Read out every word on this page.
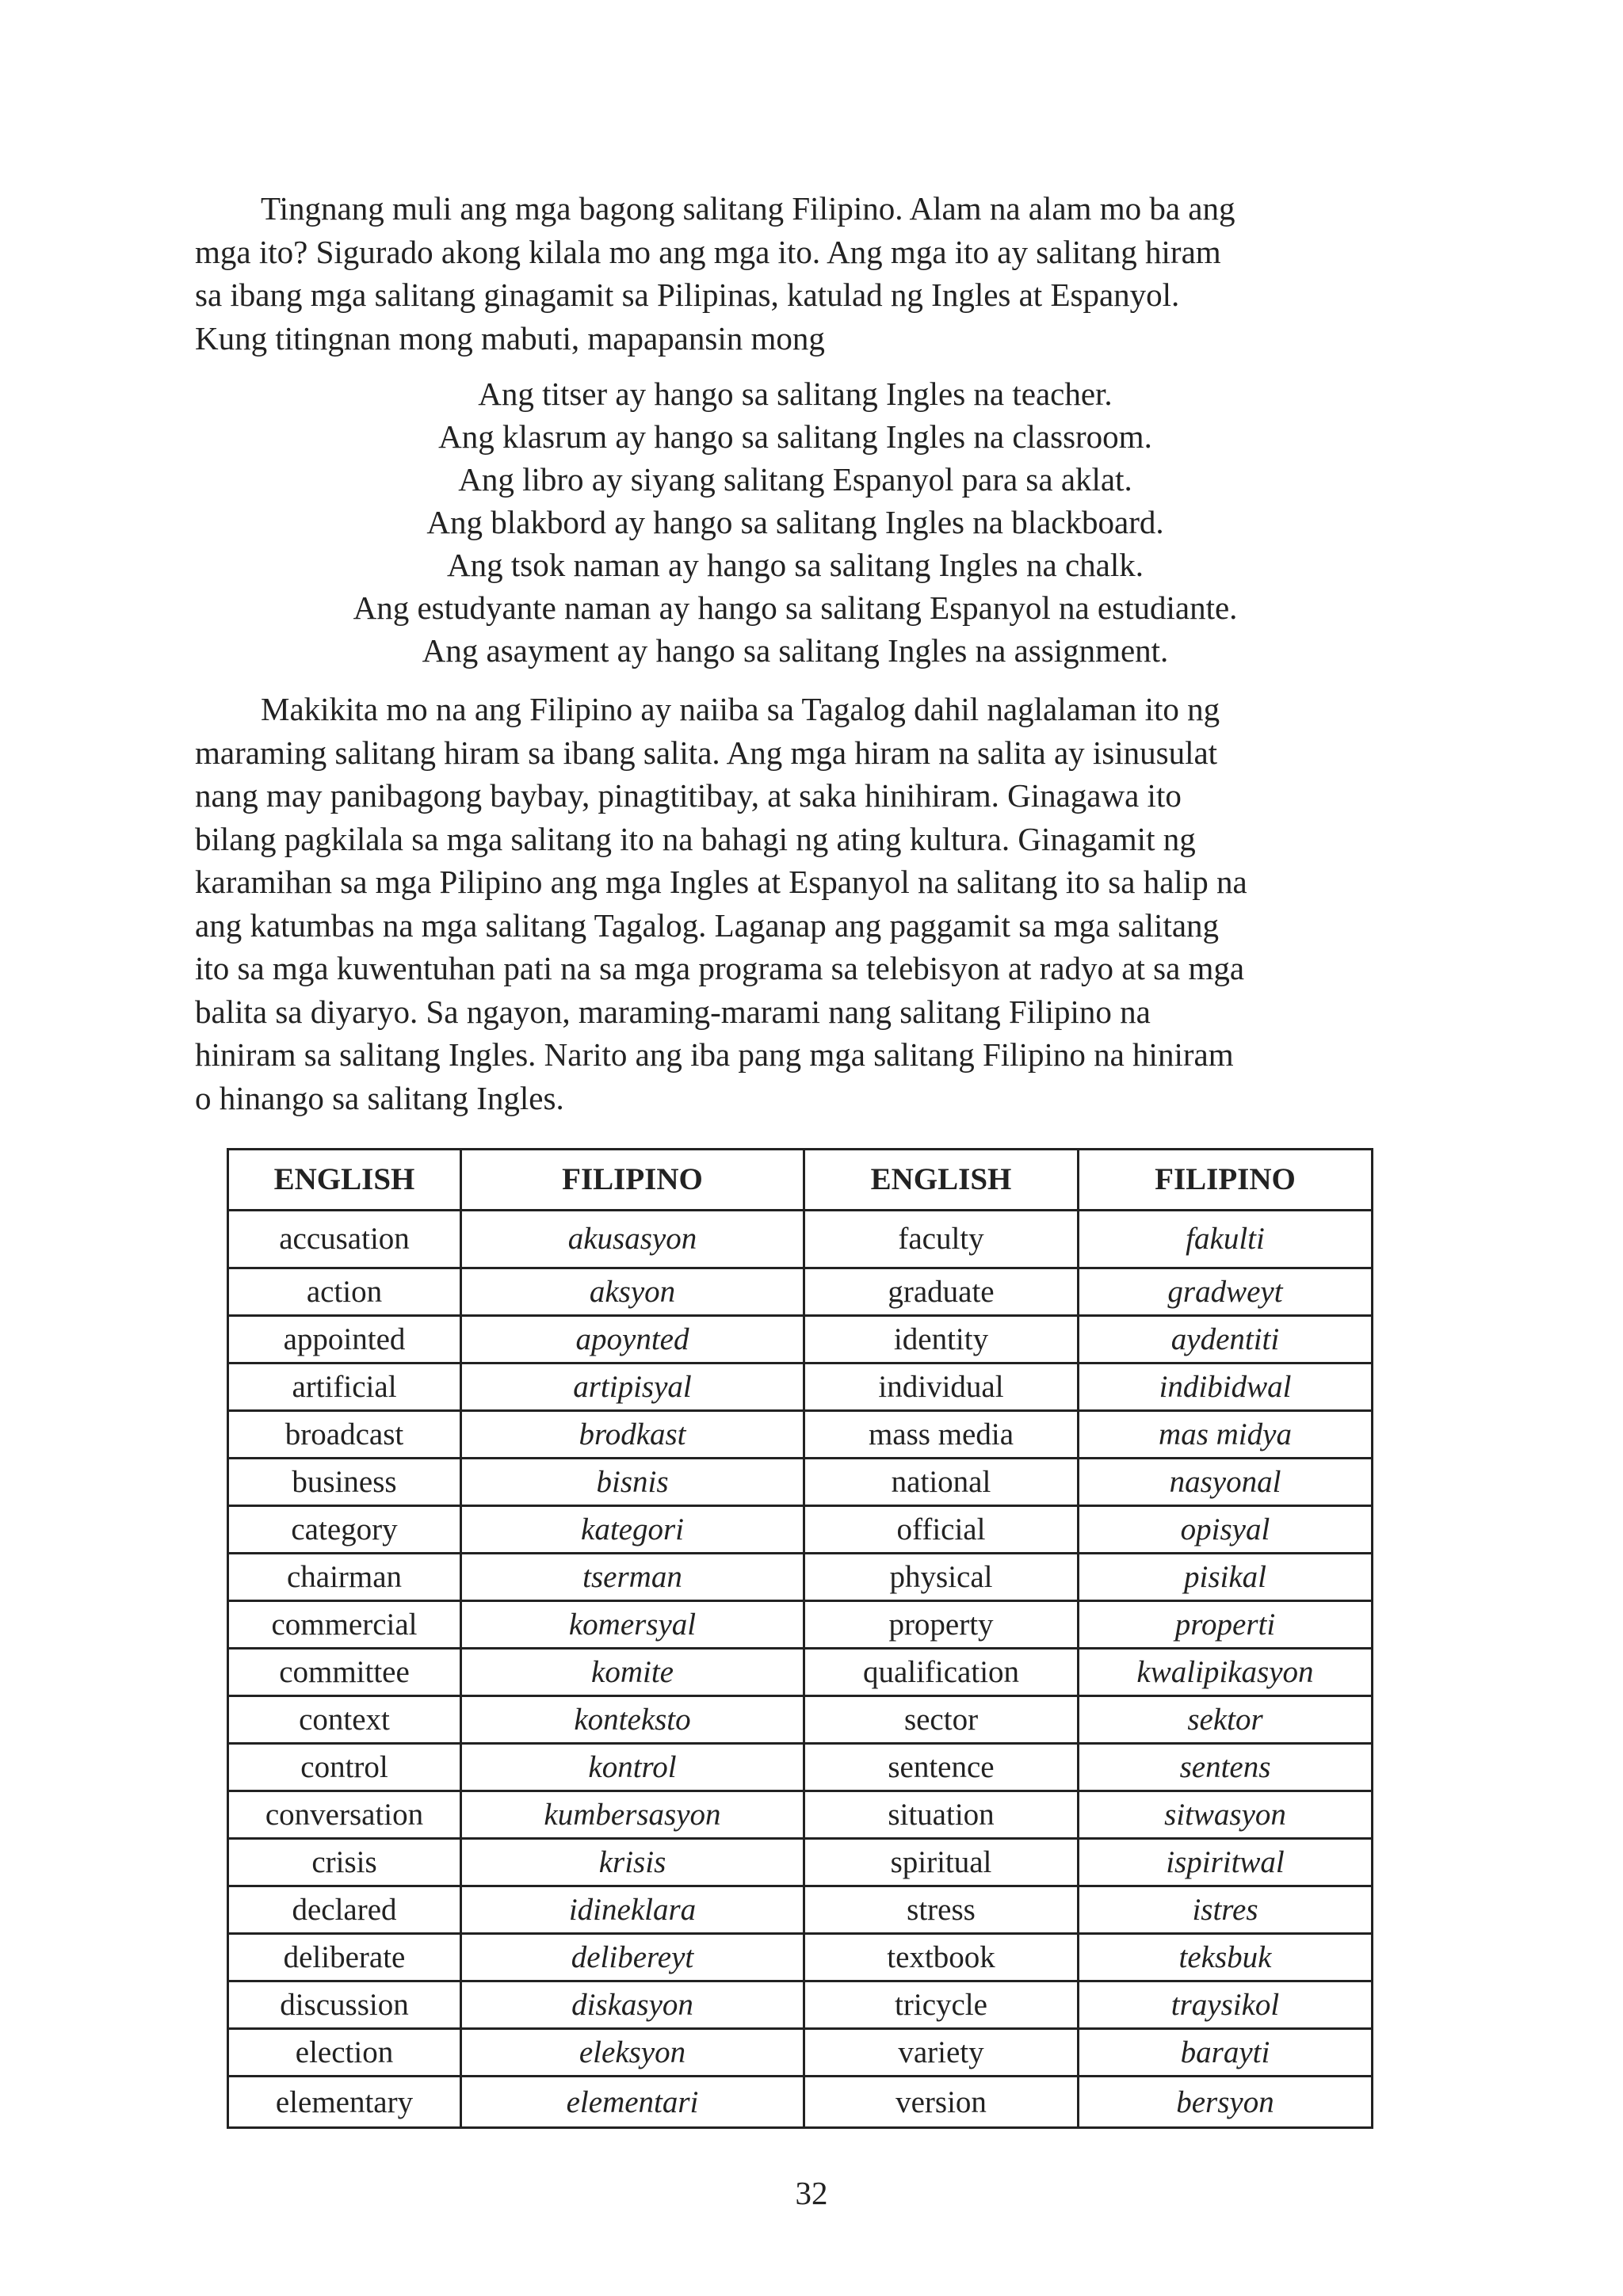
Tingnang muli ang mga bagong salitang Filipino. Alam na alam mo ba ang
mga ito? Sigurado akong kilala mo ang mga ito. Ang mga ito ay salitang hiram
sa ibang mga salitang ginagamit sa Pilipinas, katulad ng Ingles at Espanyol.
Kung titingnan mong mabuti, mapapansin mong

Ang titser ay hango sa salitang Ingles na teacher.
Ang klasrum ay hango sa salitang Ingles na classroom.
Ang libro ay siyang salitang Espanyol para sa aklat.
Ang blakbord ay hango sa salitang Ingles na blackboard.
Ang tsok naman ay hango sa salitang Ingles na chalk.
Ang estudyante naman ay hango sa salitang Espanyol na estudiante.
Ang asayment ay hango sa salitang Ingles na assignment.

Makikita mo na ang Filipino ay naiiba sa Tagalog dahil naglalaman ito ng
maraming salitang hiram sa ibang salita. Ang mga hiram na salita ay isinusulat
nang may panibagong baybay, pinagtitibay, at saka hinihiram. Ginagawa ito
bilang pagkilala sa mga salitang ito na bahagi ng ating kultura. Ginagamit ng
karamihan sa mga Pilipino ang mga Ingles at Espanyol na salitang ito sa halip na
ang katumbas na mga salitang Tagalog. Laganap ang paggamit sa mga salitang
ito sa mga kuwentuhan pati na sa mga programa sa telebisyon at radyo at sa mga
balita sa diyaryo. Sa ngayon, maraming-marami nang salitang Filipino na
hiniram sa salitang Ingles. Narito ang iba pang mga salitang Filipino na hiniram
o hinango sa salitang Ingles.

ENGLISH	FILIPINO	ENGLISH	FILIPINO
accusation	akusasyon	faculty	fakulti
action	aksyon	graduate	gradweyt
appointed	apoynted	identity	aydentiti
artificial	artipisyal	individual	indibidwal
broadcast	brodkast	mass media	mas midya
business	bisnis	national	nasyonal
category	kategori	official	opisyal
chairman	tserman	physical	pisikal
commercial	komersyal	property	properti
committee	komite	qualification	kwalipikasyon
context	konteksto	sector	sektor
control	kontrol	sentence	sentens
conversation	kumbersasyon	situation	sitwasyon
crisis	krisis	spiritual	ispiritwal
declared	idineklara	stress	istres
deliberate	delibereyt	textbook	teksbuk
discussion	diskasyon	tricycle	traysikol
election	eleksyon	variety	barayti
elementary	elementari	version	bersyon
32
